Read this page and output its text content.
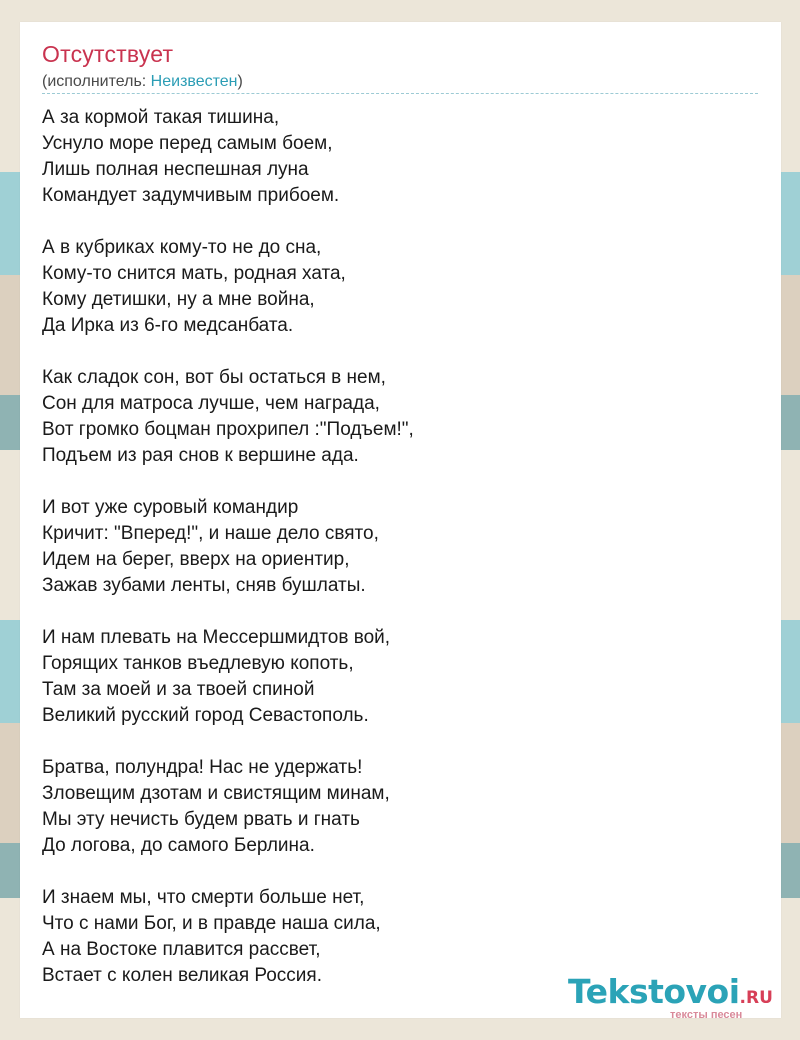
Отсутствует
(исполнитель: Неизвестен)
А за кормой такая тишина,
Уснуло море перед самым боем,
Лишь полная неспешная луна
Командует задумчивым прибоем.
А в кубриках кому-то не до сна,
Кому-то снится мать, родная хата,
Кому детишки, ну а мне война,
Да Ирка из 6-го медсанбата.
Как сладок сон, вот бы остаться в нем,
Сон для матроса лучше, чем награда,
Вот громко боцман прохрипел :"Подъем!",
Подъем из рая снов к вершине ада.
И вот уже суровый командир
Кричит: "Вперед!", и наше дело свято,
Идем на берег, вверх на ориентир,
Зажав зубами ленты, сняв бушлаты.
И нам плевать на Мессершмидтов вой,
Горящих танков въедлевую копоть,
Там за моей и за твоей спиной
Великий русский город Севастополь.
Братва, полундра! Нас не удержать!
Зловещим дзотам и свистящим минам,
Мы эту нечисть будем рвать и гнать
До логова, до самого Берлина.
И знаем мы, что смерти больше нет,
Что с нами Бог, и в правде наша сила,
А на Востоке плавится рассвет,
Встает с колен великая Россия.	Tekstovoi.RU
тексты песен
